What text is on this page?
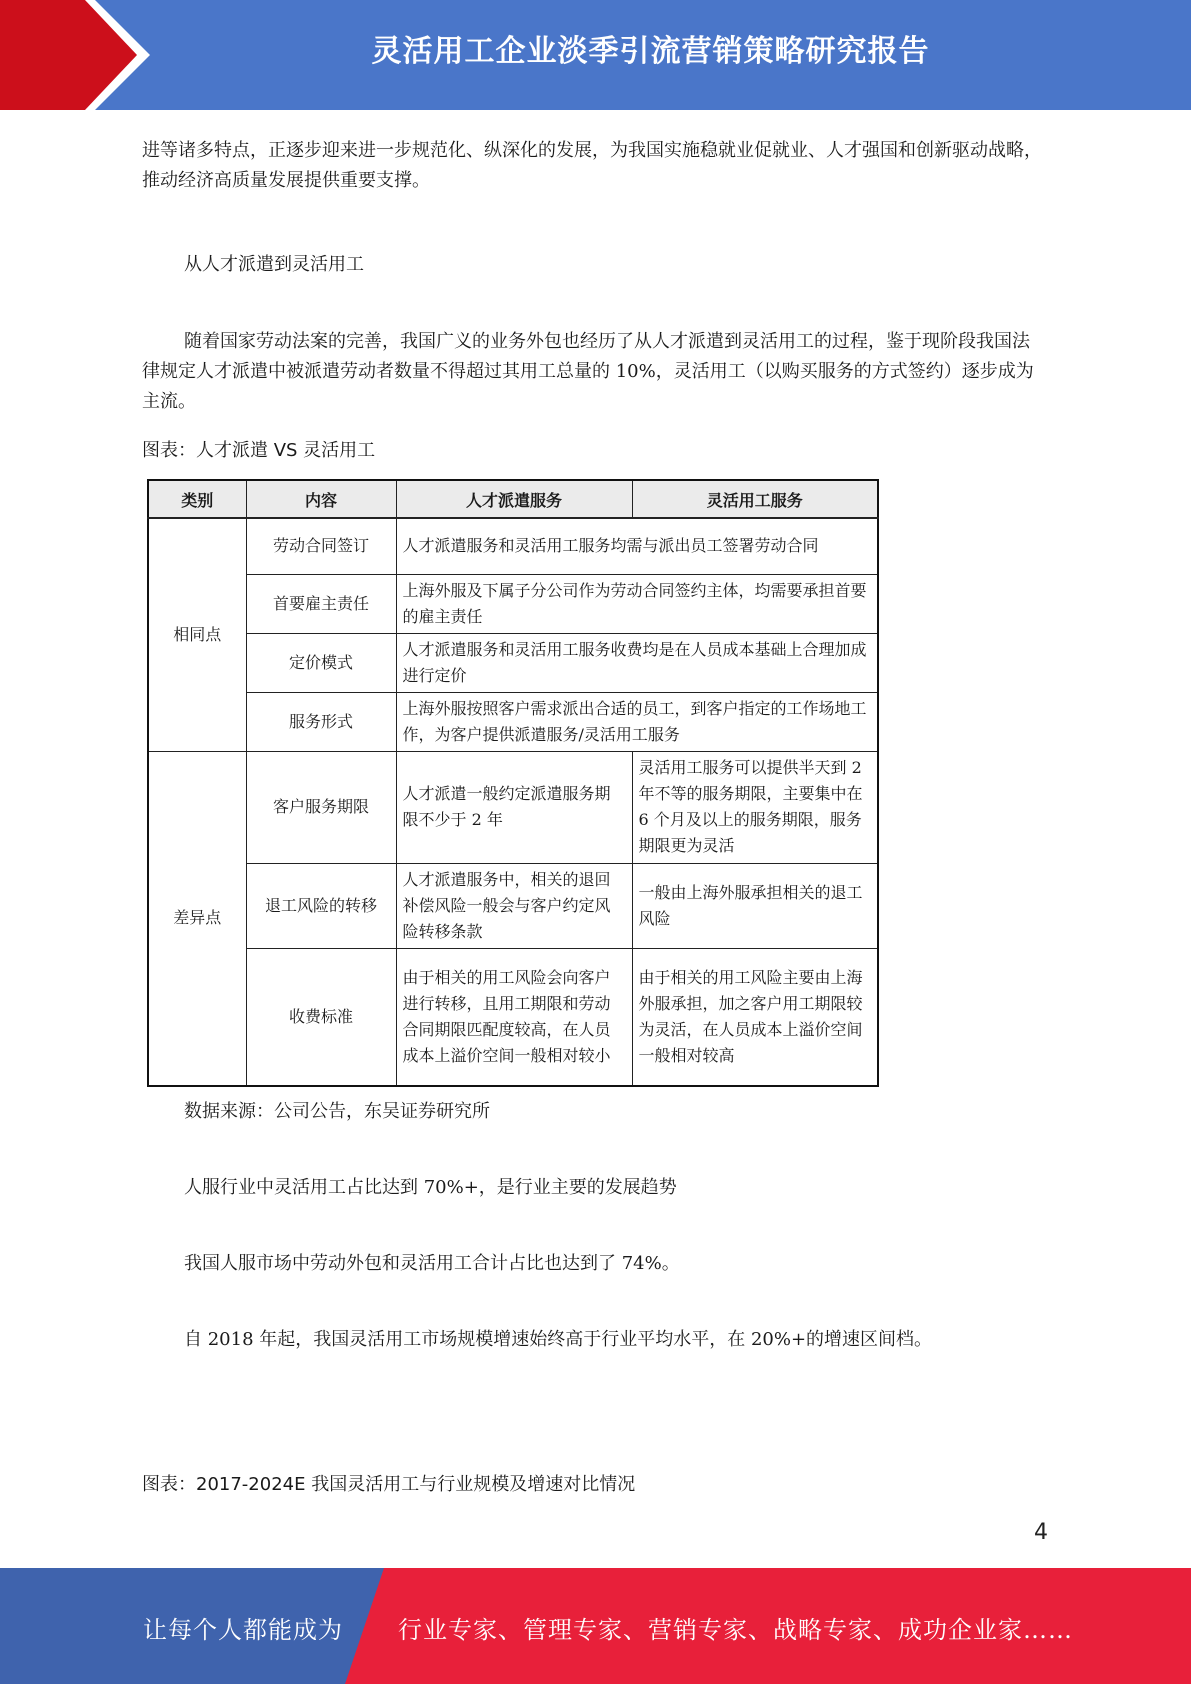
灵活用工企业淡季引流营销策略研究报告

进等诸多特点，正逐步迎来进一步规范化、纵深化的发展，为我国实施稳就业促就业、人才强国和创新驱动战略，推动经济高质量发展提供重要支撑。

从人才派遣到灵活用工

随着国家劳动法案的完善，我国广义的业务外包也经历了从人才派遣到灵活用工的过程，鉴于现阶段我国法律规定人才派遣中被派遣劳动者数量不得超过其用工总量的 10%，灵活用工（以购买服务的方式签约）逐步成为主流。

图表：人才派遣 VS 灵活用工

类别	内容	人才派遣服务	灵活用工服务
相同点	劳动合同签订	人才派遣服务和灵活用工服务均需与派出员工签署劳动合同	
	首要雇主责任	上海外服及下属子分公司作为劳动合同签约主体，均需要承担首要的雇主责任	
	定价模式	人才派遣服务和灵活用工服务收费均是在人员成本基础上合理加成进行定价	
	服务形式	上海外服按照客户需求派出合适的员工，到客户指定的工作场地工作，为客户提供派遣服务/灵活用工服务	
差异点	客户服务期限	人才派遣一般约定派遣服务期限不少于 2 年	灵活用工服务可以提供半天到 2 年不等的服务期限，主要集中在 6 个月及以上的服务期限，服务期限更为灵活
	退工风险的转移	人才派遣服务中，相关的退回补偿风险一般会与客户约定风险转移条款	一般由上海外服承担相关的退工风险
	收费标准	由于相关的用工风险会向客户进行转移，且用工期限和劳动合同期限匹配度较高，在人员成本上溢价空间一般相对较小	由于相关的用工风险主要由上海外服承担，加之客户用工期限较为灵活，在人员成本上溢价空间一般相对较高

数据来源：公司公告，东吴证券研究所

人服行业中灵活用工占比达到 70%+，是行业主要的发展趋势

我国人服市场中劳动外包和灵活用工合计占比也达到了 74%。

自 2018 年起，我国灵活用工市场规模增速始终高于行业平均水平，在 20%+的增速区间档。

图表：2017-2024E 我国灵活用工与行业规模及增速对比情况

4
让每个人都能成为 行业专家、管理专家、营销专家、战略专家、成功企业家……
